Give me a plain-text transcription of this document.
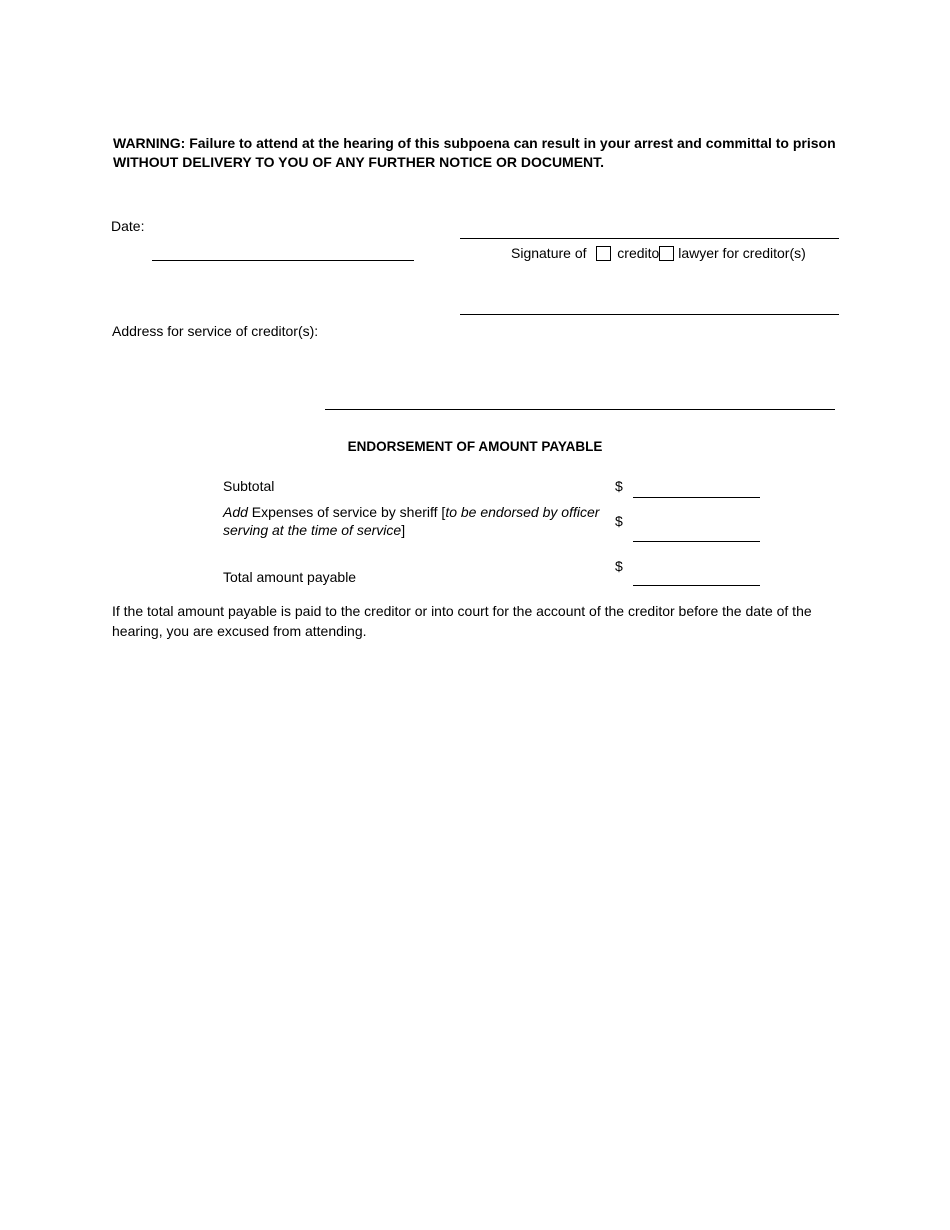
WARNING: Failure to attend at the hearing of this subpoena can result in your arrest and committal to prison WITHOUT DELIVERY TO YOU OF ANY FURTHER NOTICE OR DOCUMENT.
Date:
Signature of credito lawyer for creditor(s)
Address for service of creditor(s):
ENDORSEMENT OF AMOUNT PAYABLE
Subtotal	$
Add Expenses of service by sheriff [to be endorsed by officer serving at the time of service]
$
$
Total amount payable
If the total amount payable is paid to the creditor or into court for the account of the creditor before the date of the hearing, you are excused from attending.
